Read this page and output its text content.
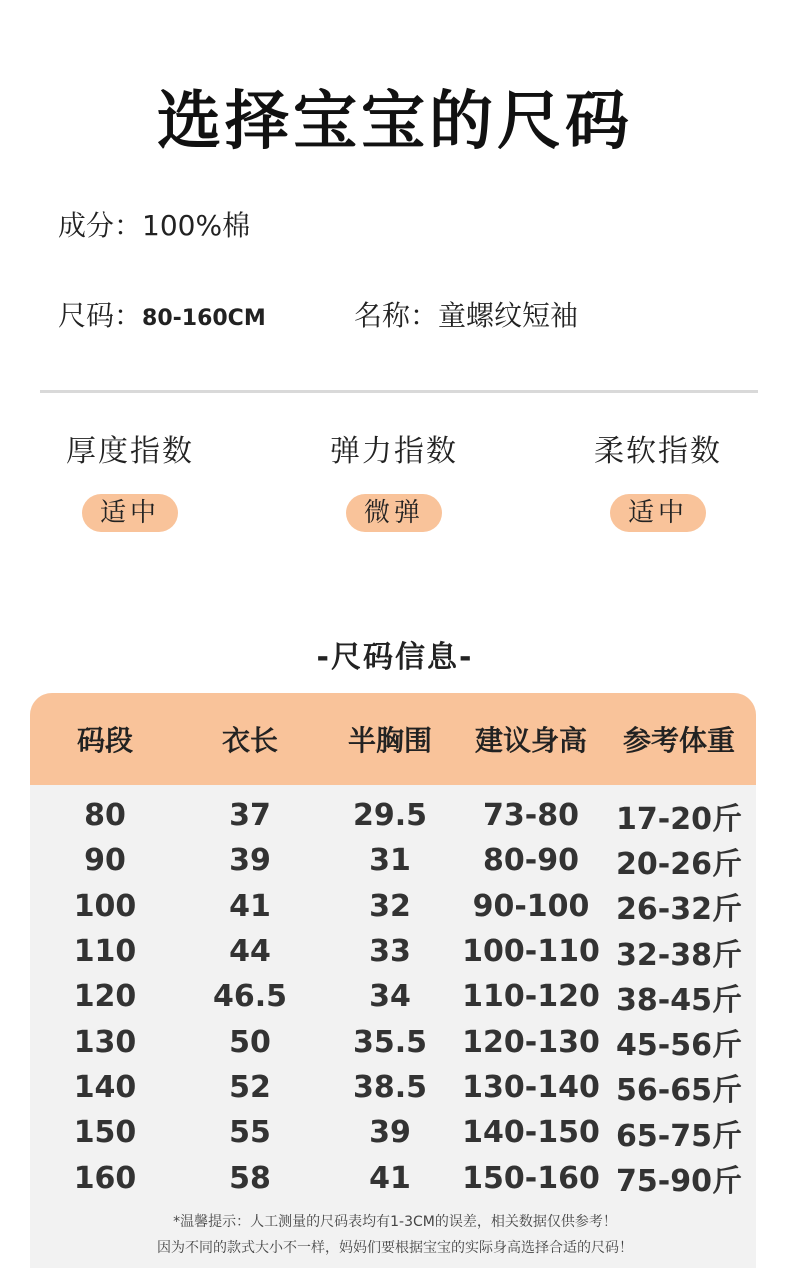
选择宝宝的尺码
成分：100%棉
尺码：80-160CM	名称：童螺纹短袖
厚度指数
适中
弹力指数
微弹
柔软指数
适中
-尺码信息-
码段	衣长	半胸围	建议身高	参考体重
80	37	29.5	73-80	17-20斤
90	39	31	80-90	20-26斤
100	41	32	90-100 26-32斤
110	44	33	100-110 32-38斤
120	46.5	34	110-120 38-45斤
130	50	35.5	120-130 45-56斤
140	52	38.5	130-140 56-65斤
150	55	39	140-150 65-75斤
160	58	41	150-160 75-90斤
*温馨提示：人工测量的尺码表均有1-3CM的误差，相关数据仅供参考！
因为不同的款式大小不一样，妈妈们要根据宝宝的实际身高选择合适的尺码！
